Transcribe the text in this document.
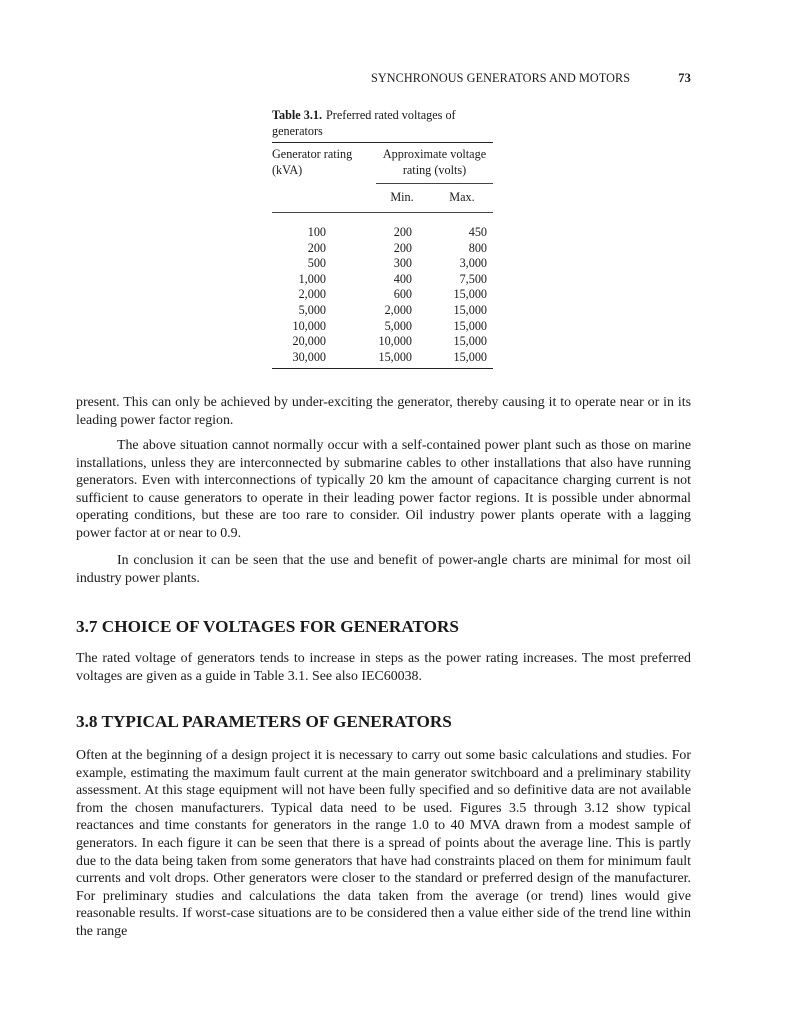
SYNCHRONOUS GENERATORS AND MOTORS	73

Table 3.1. Preferred rated voltages of generators

Generator rating (kVA)
Approximate voltage rating (volts)
Min.	Max.
100	200	450
200	200	800
500	300	3,000
1,000	400	7,500
2,000	600	15,000
5,000	2,000	15,000
10,000	5,000	15,000
20,000	10,000	15,000
30,000	15,000	15,000

present. This can only be achieved by under-exciting the generator, thereby causing it to operate near or in its leading power factor region.

The above situation cannot normally occur with a self-contained power plant such as those on marine installations, unless they are interconnected by submarine cables to other installations that also have running generators. Even with interconnections of typically 20 km the amount of capacitance charging current is not sufficient to cause generators to operate in their leading power factor regions. It is possible under abnormal operating conditions, but these are too rare to consider. Oil industry power plants operate with a lagging power factor at or near to 0.9.

In conclusion it can be seen that the use and benefit of power-angle charts are minimal for most oil industry power plants.

3.7 CHOICE OF VOLTAGES FOR GENERATORS

The rated voltage of generators tends to increase in steps as the power rating increases. The most preferred voltages are given as a guide in Table 3.1. See also IEC60038.

3.8 TYPICAL PARAMETERS OF GENERATORS

Often at the beginning of a design project it is necessary to carry out some basic calculations and studies. For example, estimating the maximum fault current at the main generator switchboard and a preliminary stability assessment. At this stage equipment will not have been fully specified and so definitive data are not available from the chosen manufacturers. Typical data need to be used. Figures 3.5 through 3.12 show typical reactances and time constants for generators in the range 1.0 to 40 MVA drawn from a modest sample of generators. In each figure it can be seen that there is a spread of points about the average line. This is partly due to the data being taken from some generators that have had constraints placed on them for minimum fault currents and volt drops. Other generators were closer to the standard or preferred design of the manufacturer. For preliminary studies and calculations the data taken from the average (or trend) lines would give reasonable results. If worst-case situations are to be considered then a value either side of the trend line within the range
